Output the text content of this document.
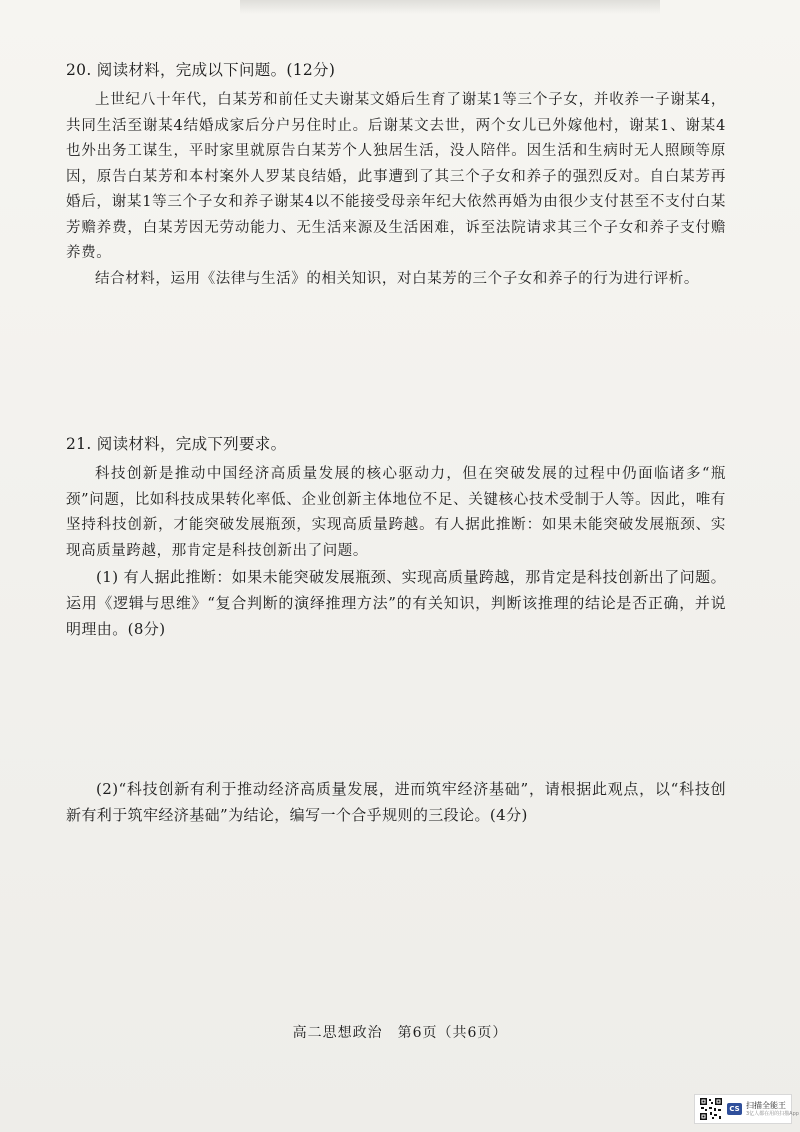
20. 阅读材料，完成以下问题。(12分)

上世纪八十年代，白某芳和前任丈夫谢某文婚后生育了谢某1等三个子女，并收养一子谢某4，共同生活至谢某4结婚成家后分户另住时止。后谢某文去世，两个女儿已外嫁他村，谢某1、谢某4也外出务工谋生，平时家里就原告白某芳个人独居生活，没人陪伴。因生活和生病时无人照顾等原因，原告白某芳和本村案外人罗某良结婚，此事遭到了其三个子女和养子的强烈反对。自白某芳再婚后，谢某1等三个子女和养子谢某4以不能接受母亲年纪大依然再婚为由很少支付甚至不支付白某芳赡养费，白某芳因无劳动能力、无生活来源及生活困难，诉至法院请求其三个子女和养子支付赡养费。

结合材料，运用《法律与生活》的相关知识，对白某芳的三个子女和养子的行为进行评析。

21. 阅读材料，完成下列要求。

科技创新是推动中国经济高质量发展的核心驱动力，但在突破发展的过程中仍面临诸多“瓶颈”问题，比如科技成果转化率低、企业创新主体地位不足、关键核心技术受制于人等。因此，唯有坚持科技创新，才能突破发展瓶颈，实现高质量跨越。有人据此推断：如果未能突破发展瓶颈、实现高质量跨越，那肯定是科技创新出了问题。

(1) 有人据此推断：如果未能突破发展瓶颈、实现高质量跨越，那肯定是科技创新出了问题。运用《逻辑与思维》“复合判断的演绎推理方法”的有关知识，判断该推理的结论是否正确，并说明理由。(8分)

(2)“科技创新有利于推动经济高质量发展，进而筑牢经济基础”，请根据此观点，以“科技创新有利于筑牢经济基础”为结论，编写一个合乎规则的三段论。(4分)

高二思想政治　第6页（共6页）
CS 扫描全能王
3亿人都在用的扫描App
